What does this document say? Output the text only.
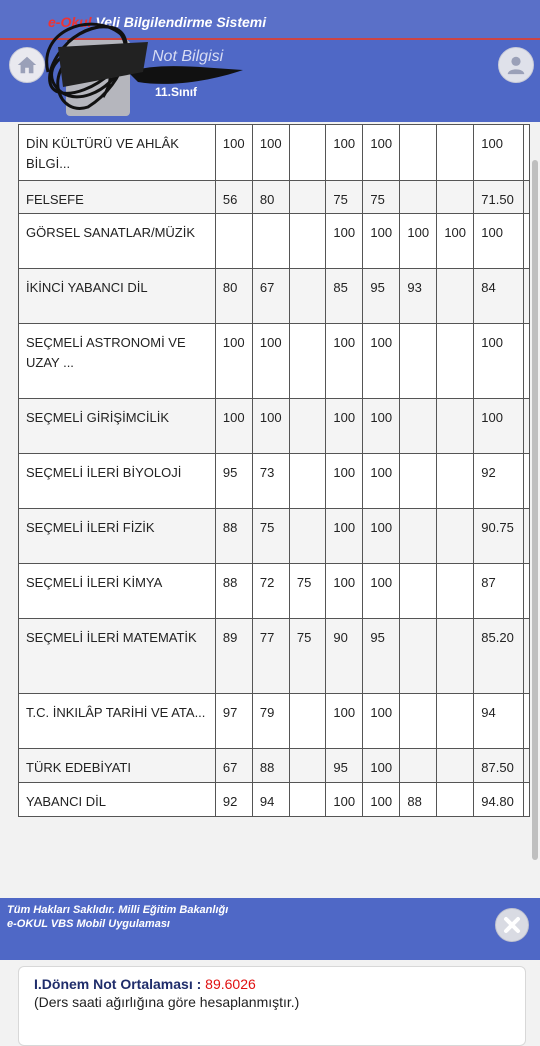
e-Okul Veli Bilgilendirme Sistemi
Not Bilgisi
11.Sınıf
DİN KÜLTÜRÜ VE AHLÂK BİLGİ...	100	100		100	100			100	
FELSEFE	56	80		75	75			71.50	
GÖRSEL SANATLAR/MÜZİK				100	100	100	100	100	
İKİNCİ YABANCI DİL	80	67		85	95	93		84	
SEÇMELİ ASTRONOMİ VE UZAY ...	100	100		100	100			100	
SEÇMELİ GİRİŞİMCİLİK	100	100		100	100			100	
SEÇMELİ İLERİ BİYOLOJİ	95	73		100	100			92	
SEÇMELİ İLERİ FİZİK	88	75		100	100			90.75	
SEÇMELİ İLERİ KİMYA	88	72	75	100	100			87	
SEÇMELİ İLERİ MATEMATİK	89	77	75	90	95			85.20	
T.C. İNKILÂP TARİHİ VE ATA...	97	79		100	100			94	
TÜRK EDEBİYATI	67	88		95	100			87.50	
YABANCI DİL	92	94		100	100	88		94.80	
I.Dönem Not Ortalaması : 89.6026
(Ders saati ağırlığına göre hesaplanmıştır.)
Tüm Hakları Saklıdır. Milli Eğitim Bakanlığı
e-OKUL VBS Mobil Uygulaması
